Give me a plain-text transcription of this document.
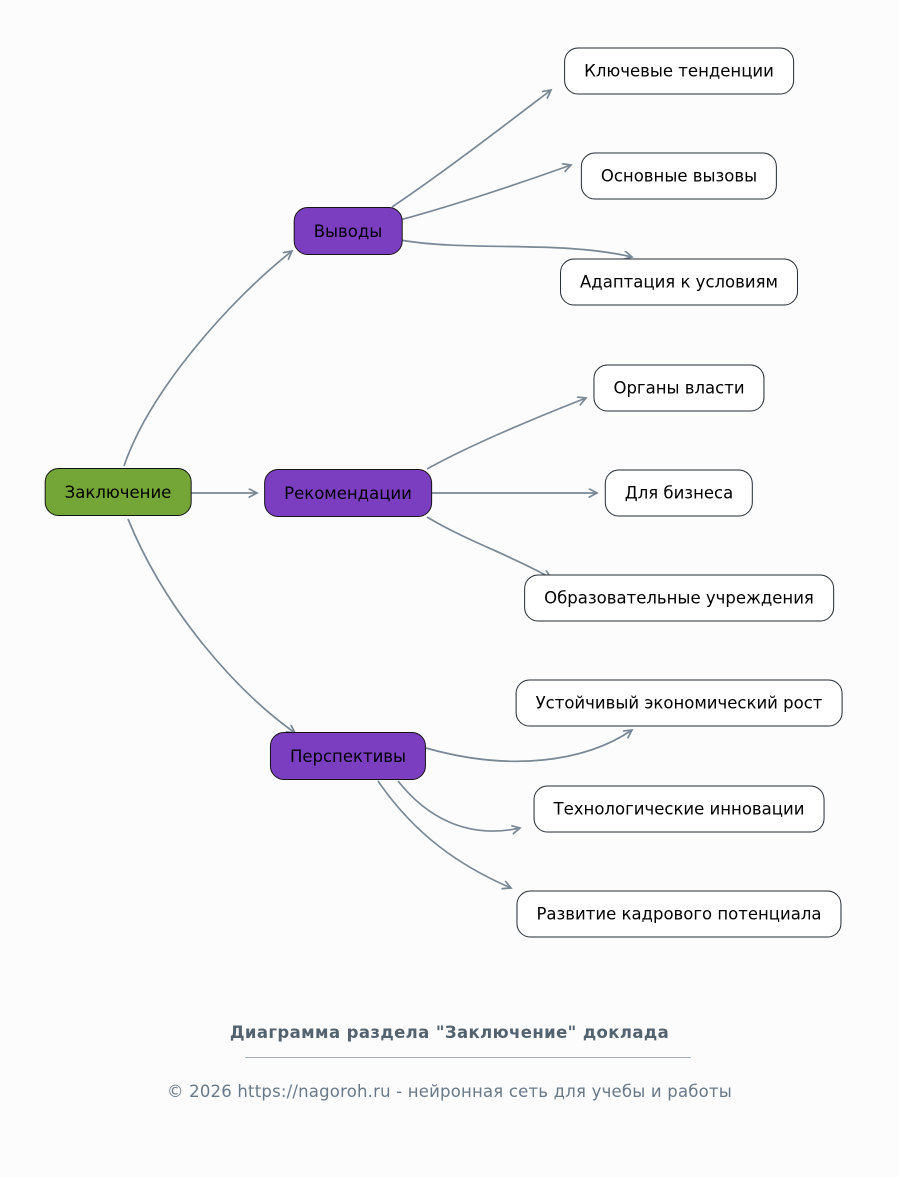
Заключение
Выводы
Рекомендации
Перспективы
Ключевые тенденции
Основные вызовы
Адаптация к условиям
Органы власти
Для бизнеса
Образовательные учреждения
Устойчивый экономический рост
Технологические инновации
Развитие кадрового потенциала
Диаграмма раздела "Заключение" доклада
© 2026 https://nagoroh.ru - нейронная сеть для учебы и работы
